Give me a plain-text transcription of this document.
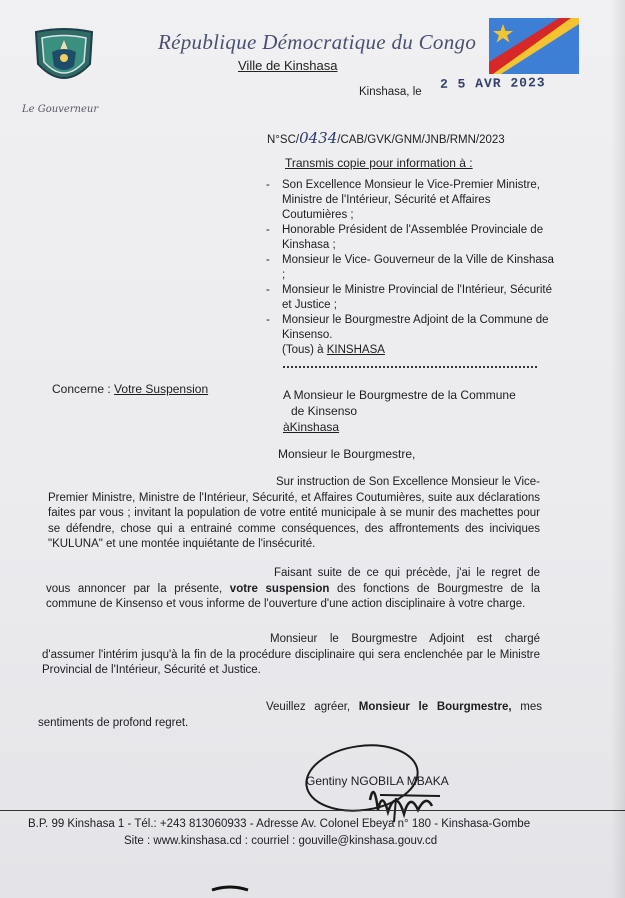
Le Gouverneur
République Démocratique du Congo
Ville de Kinshasa
Kinshasa, le
2 5 AVR 2023
N°SC/0434/CAB/GVK/GNM/JNB/RMN/2023
Transmis copie pour information à :
- Son Excellence Monsieur le Vice-Premier Ministre, Ministre de l'Intérieur, Sécurité et Affaires Coutumières ;
- Honorable Président de l'Assemblée Provinciale de Kinshasa ;
- Monsieur le Vice- Gouverneur de la Ville de Kinshasa ;
- Monsieur le Ministre Provincial de l'Intérieur, Sécurité et Justice ;
- Monsieur le Bourgmestre Adjoint de la Commune de Kinsenso.
(Tous) à KINSHASA
Concerne : Votre Suspension	A Monsieur le Bourgmestre de la Commune
de Kinsenso
àKinshasa
Monsieur le Bourgmestre,
Sur instruction de Son Excellence Monsieur le Vice-Premier Ministre, Ministre de l'Intérieur, Sécurité, et Affaires Coutumières, suite aux déclarations faites par vous ; invitant la population de votre entité municipale à se munir des machettes pour se défendre, chose qui a entrainé comme conséquences, des affrontements des inciviques "KULUNA" et une montée inquiétante de l'insécurité.
Faisant suite de ce qui précède, j'ai le regret de vous annoncer par la présente, votre suspension des fonctions de Bourgmestre de la commune de Kinsenso et vous informe de l'ouverture d'une action disciplinaire à votre charge.
Monsieur le Bourgmestre Adjoint est chargé d'assumer l'intérim jusqu'à la fin de la procédure disciplinaire qui sera enclenchée par le Ministre Provincial de l'Intérieur, Sécurité et Justice.
Veuillez agréer, Monsieur le Bourgmestre, mes sentiments de profond regret.
Gentiny NGOBILA MBAKA
B.P. 99 Kinshasa 1 - Tél.: +243 813060933 - Adresse Av. Colonel Ebeya n° 180 - Kinshasa-Gombe
Site : www.kinshasa.cd : courriel : gouville@kinshasa.gouv.cd
